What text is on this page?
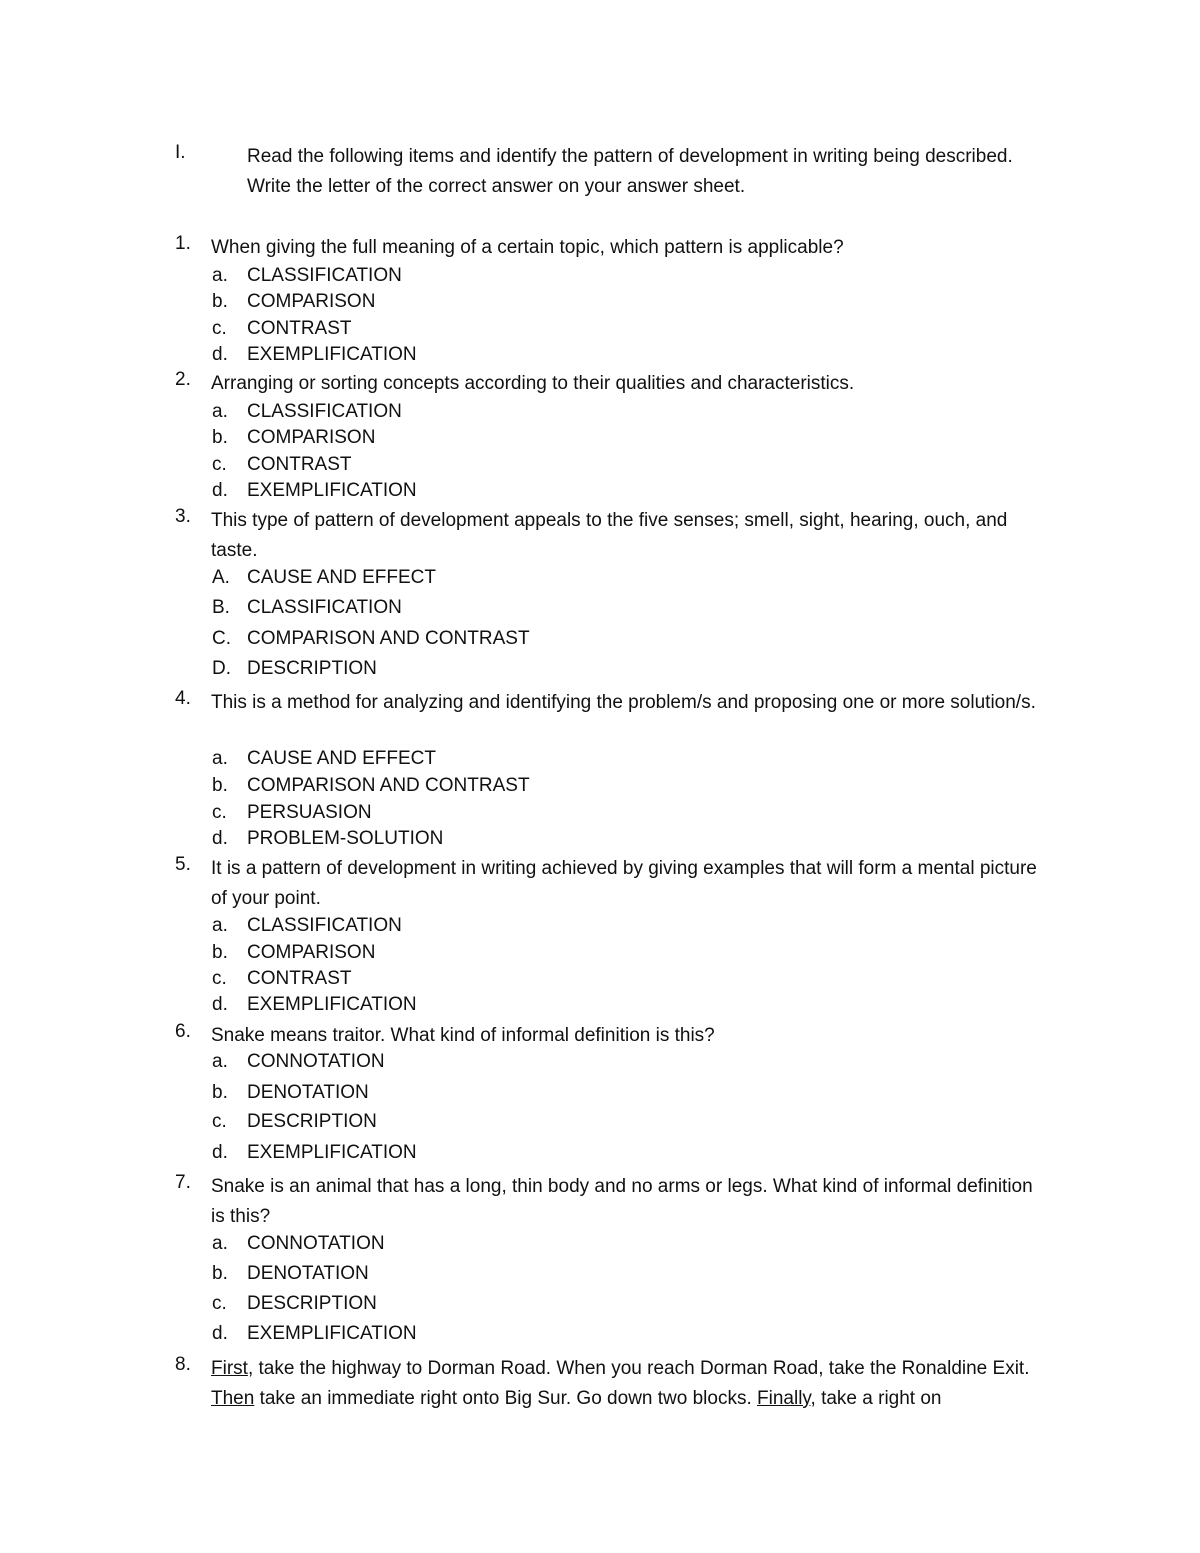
I.	Read the following items and identify the pattern of development in writing being described. Write the letter of the correct answer on your answer sheet.
1. When giving the full meaning of a certain topic, which pattern is applicable?
a. CLASSIFICATION
b. COMPARISON
c. CONTRAST
d. EXEMPLIFICATION
2. Arranging or sorting concepts according to their qualities and characteristics.
a. CLASSIFICATION
b. COMPARISON
c. CONTRAST
d. EXEMPLIFICATION
3. This type of pattern of development appeals to the five senses; smell, sight, hearing, ouch, and taste.
A. CAUSE AND EFFECT
B. CLASSIFICATION
C. COMPARISON AND CONTRAST
D. DESCRIPTION
4. This is a method for analyzing and identifying the problem/s and proposing one or more solution/s.
a. CAUSE AND EFFECT
b. COMPARISON AND CONTRAST
c. PERSUASION
d. PROBLEM-SOLUTION
5. It is a pattern of development in writing achieved by giving examples that will form a mental picture of your point.
a. CLASSIFICATION
b. COMPARISON
c. CONTRAST
d. EXEMPLIFICATION
6. Snake means traitor. What kind of informal definition is this?
a. CONNOTATION
b. DENOTATION
c. DESCRIPTION
d. EXEMPLIFICATION
7. Snake is an animal that has a long, thin body and no arms or legs. What kind of informal definition is this?
a. CONNOTATION
b. DENOTATION
c. DESCRIPTION
d. EXEMPLIFICATION
8. First, take the highway to Dorman Road. When you reach Dorman Road, take the Ronaldine Exit. Then take an immediate right onto Big Sur. Go down two blocks. Finally, take a right on
